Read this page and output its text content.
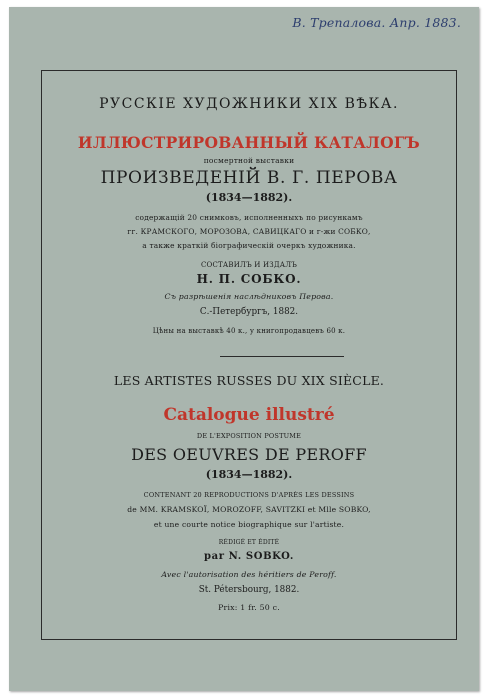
В. Трепалова. Апр. 1883.
РУССКІЕ ХУДОЖНИКИ XIX ВѢКА.
ИЛЛЮСТРИРОВАННЫЙ КАТАЛОГЪ
посмертной выставки
ПРОИЗВЕДЕНІЙ В. Г. ПЕРОВА
(1834—1882).
содержащій 20 снимковъ, исполненныхъ по рисункамъ
гг. КРАМСКОГО, МОРОЗОВА, САВИЦКАГО и г-жи СОБКО,
а также краткій біографическій очеркъ художника.
СОСТАВИЛЪ И ИЗДАЛЪ
Н. П. СОБКО.
Съ разрѣшенія наслѣдниковъ Перова.
С.-Петербургъ, 1882.
Цѣны на выставкѣ 40 к., у книгопродавцевъ 60 к.
LES ARTISTES RUSSES DU XIX SIÈCLE.
Catalogue illustré
DE L'EXPOSITION POSTUME
DES OEUVRES DE PEROFF
(1834—1882).
CONTENANT 20 REPRODUCTIONS D'APRÈS LES DESSINS
de MM. KRAMSKOÏ, MOROZOFF, SAVITZKI et Mlle SOBKO,
et une courte notice biographique sur l'artiste.
RÉDIGÉ ET ÉDITÉ
par N. SOBKO.
Avec l'autorisation des héritiers de Peroff.
St. Pétersbourg, 1882.
Prix: 1 fr. 50 c.
